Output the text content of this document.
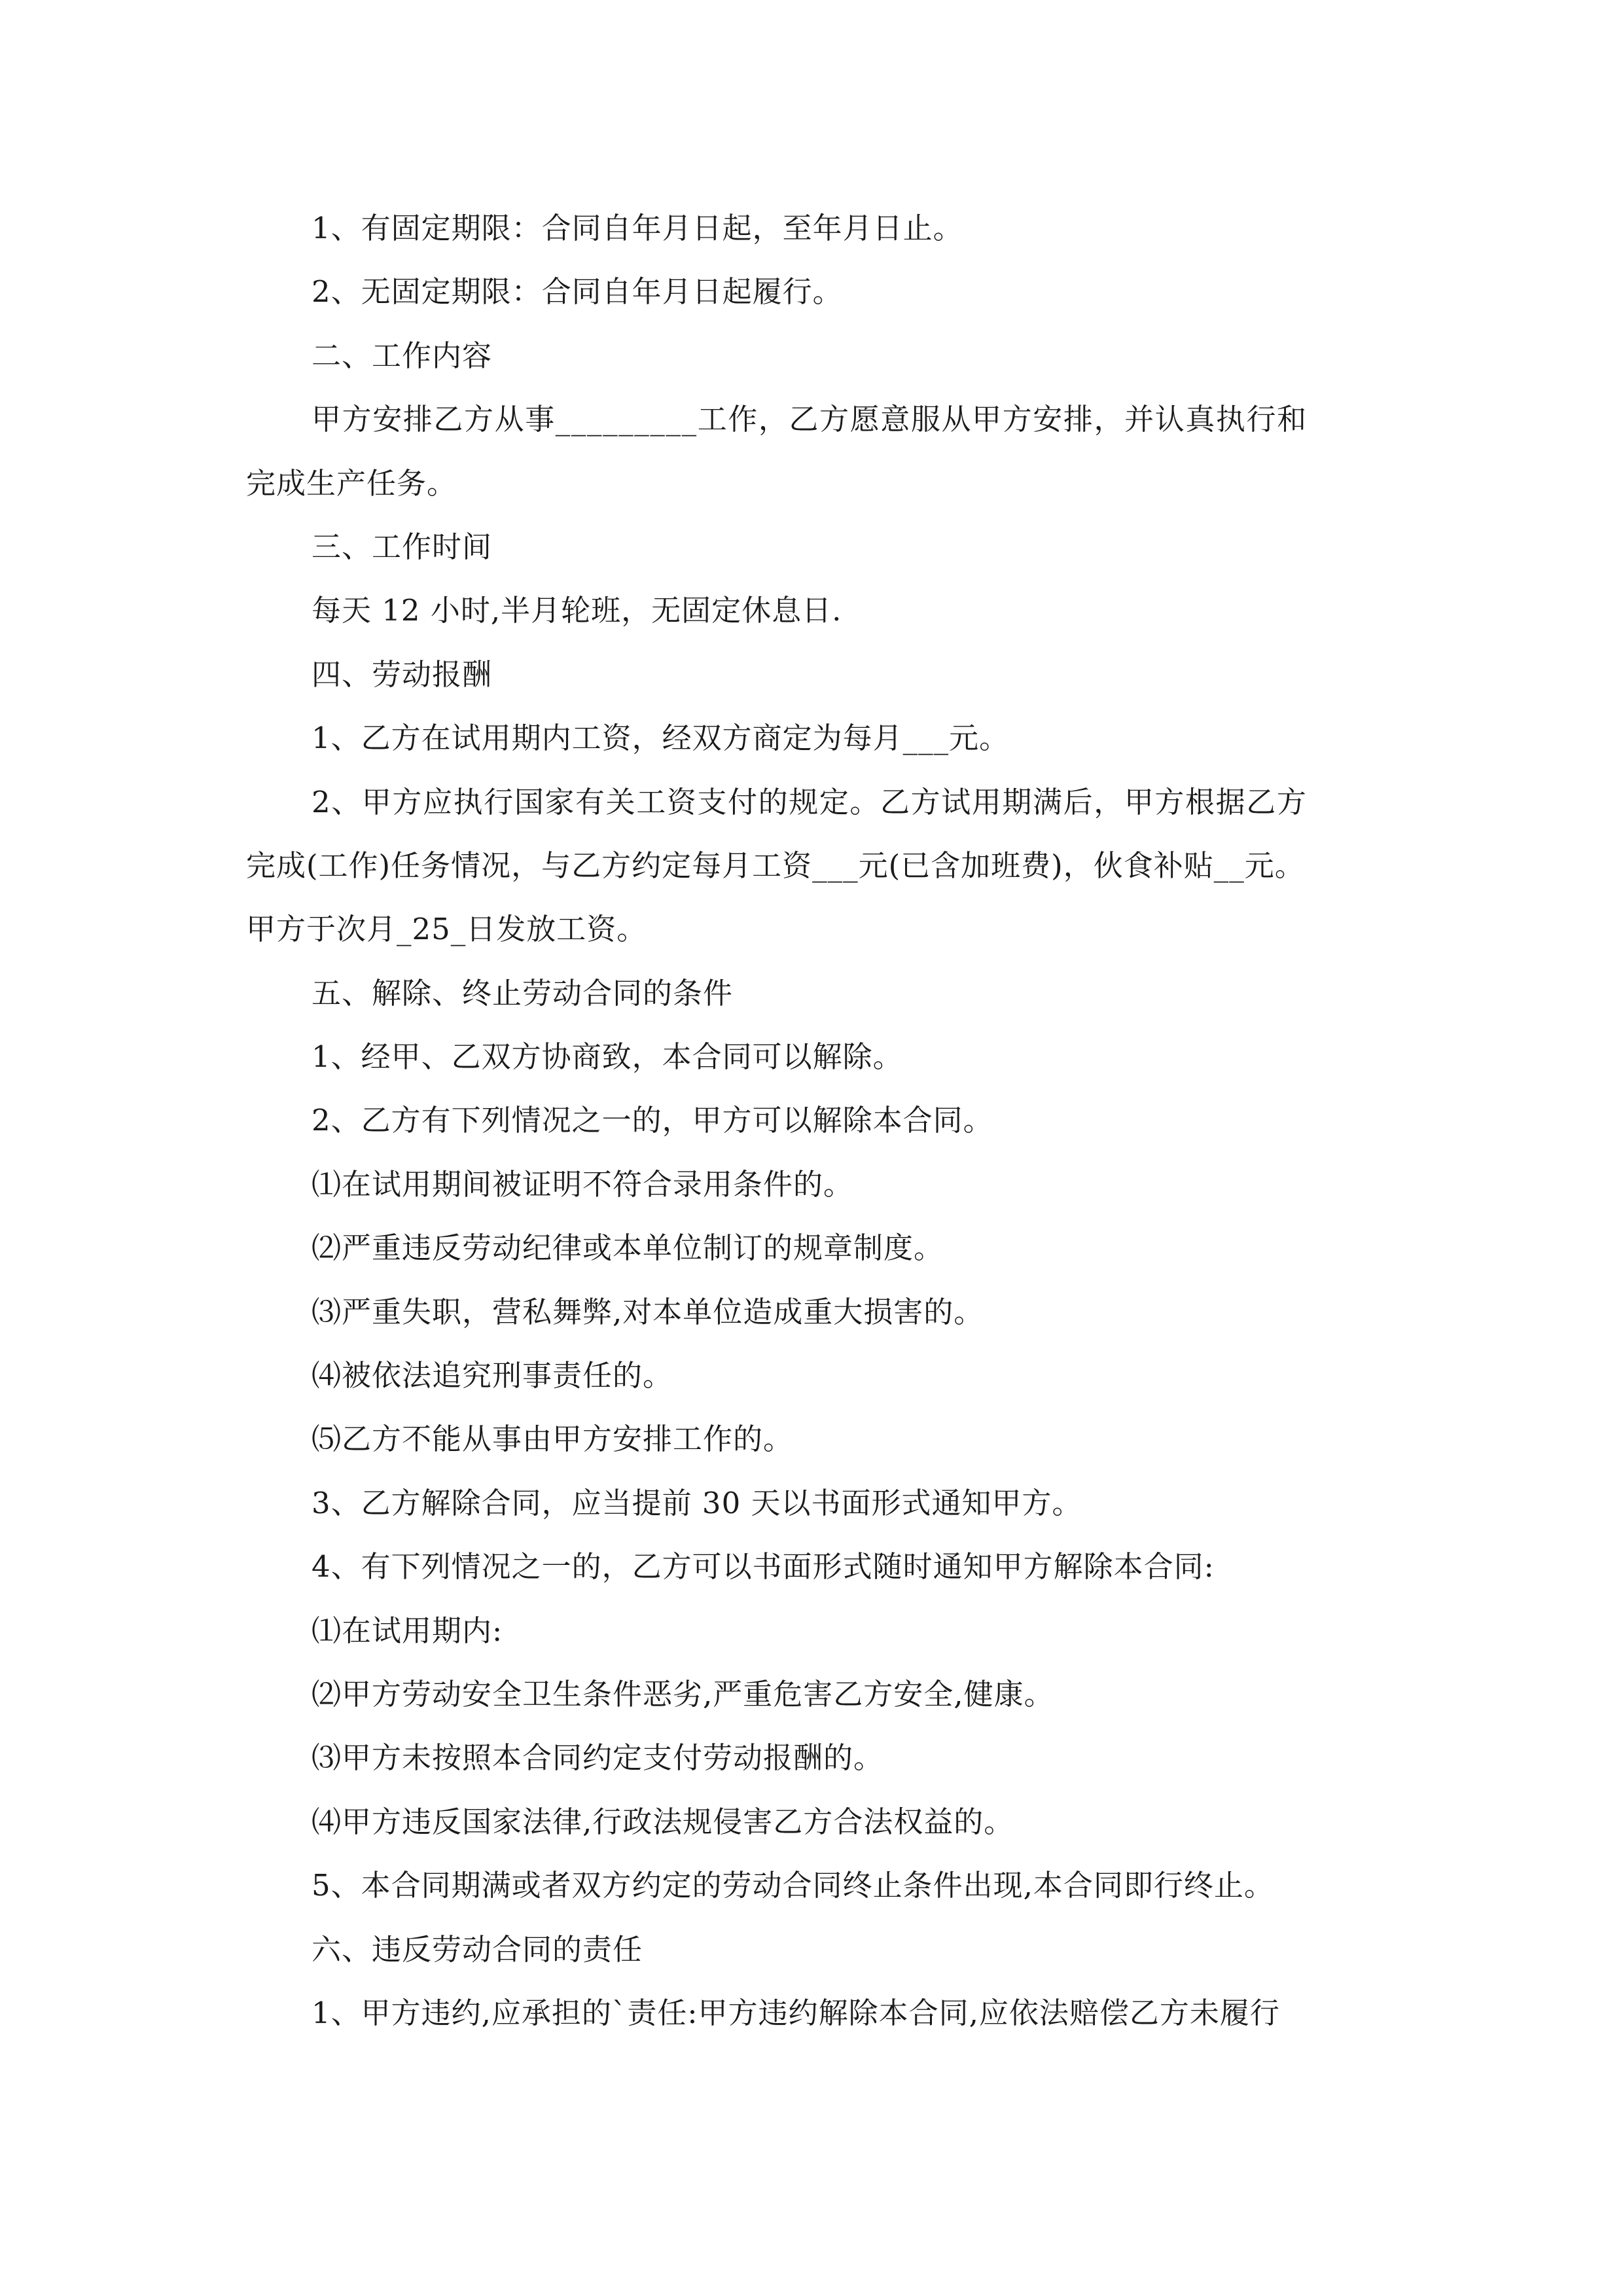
1、有固定期限：合同自年月日起，至年月日止。
2、无固定期限：合同自年月日起履行。
二、工作内容
甲方安排乙方从事_________工作，乙方愿意服从甲方安排，并认真执行和
完成生产任务。
三、工作时间
每天 12 小时,半月轮班，无固定休息日.
四、劳动报酬
1、乙方在试用期内工资，经双方商定为每月___元。
2、甲方应执行国家有关工资支付的规定。乙方试用期满后，甲方根据乙方
完成(工作)任务情况，与乙方约定每月工资___元(已含加班费)，伙食补贴__元。
甲方于次月_25_日发放工资。
五、解除、终止劳动合同的条件
1、经甲、乙双方协商致，本合同可以解除。
2、乙方有下列情况之一的，甲方可以解除本合同。
⑴在试用期间被证明不符合录用条件的。
⑵严重违反劳动纪律或本单位制订的规章制度。
⑶严重失职，营私舞弊,对本单位造成重大损害的。
⑷被依法追究刑事责任的。
⑸乙方不能从事由甲方安排工作的。
3、乙方解除合同，应当提前 30 天以书面形式通知甲方。
4、有下列情况之一的，乙方可以书面形式随时通知甲方解除本合同:
⑴在试用期内:
⑵甲方劳动安全卫生条件恶劣,严重危害乙方安全,健康。
⑶甲方未按照本合同约定支付劳动报酬的。
⑷甲方违反国家法律,行政法规侵害乙方合法权益的。
5、本合同期满或者双方约定的劳动合同终止条件出现,本合同即行终止。
六、违反劳动合同的责任
1、甲方违约,应承担的`责任:甲方违约解除本合同,应依法赔偿乙方未履行
